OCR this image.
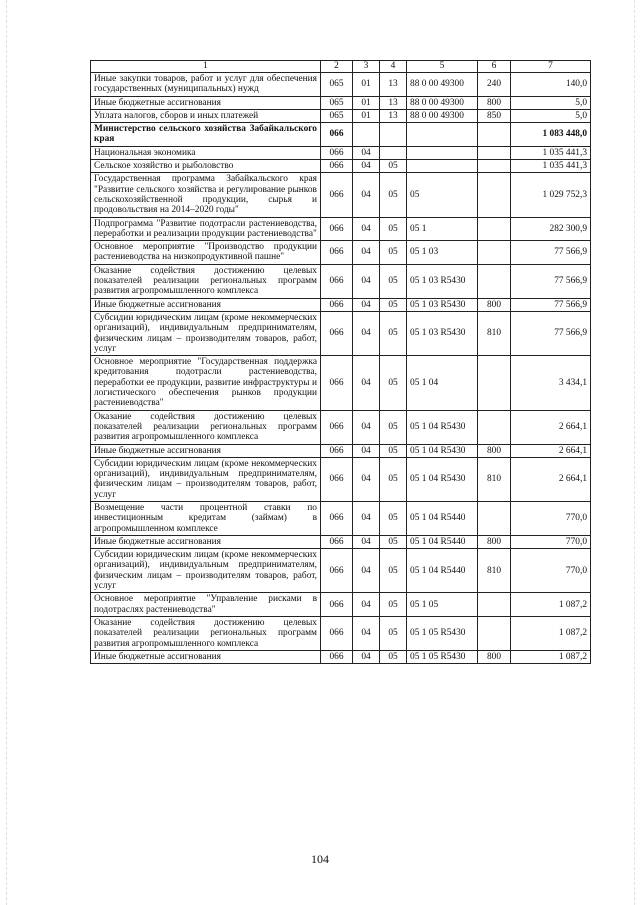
1	2	3	4	5	6	7
Иные закупки товаров, работ и услуг для обеспечения государственных (муниципальных) нужд	065	01	13	88 0 00 49300	240	140,0
Иные бюджетные ассигнования	065	01	13	88 0 00 49300	800	5,0
Уплата налогов, сборов и иных платежей	065	01	13	88 0 00 49300	850	5,0
Министерство сельского хозяйства Забайкальского края	066					1 083 448,0
Национальная экономика	066	04				1 035 441,3
Сельское хозяйство и рыболовство	066	04	05			1 035 441,3
Государственная программа Забайкальского края "Развитие сельского хозяйства и регулирование рынков сельскохозяйственной продукции, сырья и продовольствия на 2014–2020 годы"	066	04	05	05		1 029 752,3
Подпрограмма "Развитие подотрасли растениеводства, переработки и реализации продукции растениеводства"	066	04	05	05 1		282 300,9
Основное мероприятие "Производство продукции растениеводства на низкопродуктивной пашне"	066	04	05	05 1 03		77 566,9
Оказание содействия достижению целевых показателей реализации региональных программ развития агропромышленного комплекса	066	04	05	05 1 03 R5430		77 566,9
Иные бюджетные ассигнования	066	04	05	05 1 03 R5430	800	77 566,9
Субсидии юридическим лицам (кроме некоммерческих организаций), индивидуальным предпринимателям, физическим лицам – производителям товаров, работ, услуг	066	04	05	05 1 03 R5430	810	77 566,9
Основное мероприятие "Государственная поддержка кредитования подотрасли растениеводства, переработки ее продукции, развитие инфраструктуры и логистического обеспечения рынков продукции растениеводства"	066	04	05	05 1 04		3 434,1
Оказание содействия достижению целевых показателей реализации региональных программ развития агропромышленного комплекса	066	04	05	05 1 04 R5430		2 664,1
Иные бюджетные ассигнования	066	04	05	05 1 04 R5430	800	2 664,1
Субсидии юридическим лицам (кроме некоммерческих организаций), индивидуальным предпринимателям, физическим лицам – производителям товаров, работ, услуг	066	04	05	05 1 04 R5430	810	2 664,1
Возмещение части процентной ставки по инвестиционным кредитам (займам) в агропромышленном комплексе	066	04	05	05 1 04 R5440		770,0
Иные бюджетные ассигнования	066	04	05	05 1 04 R5440	800	770,0
Субсидии юридическим лицам (кроме некоммерческих организаций), индивидуальным предпринимателям, физическим лицам – производителям товаров, работ, услуг	066	04	05	05 1 04 R5440	810	770,0
Основное мероприятие "Управление рисками в подотраслях растениеводства"	066	04	05	05 1 05		1 087,2
Оказание содействия достижению целевых показателей реализации региональных программ развития агропромышленного комплекса	066	04	05	05 1 05 R5430		1 087,2
Иные бюджетные ассигнования	066	04	05	05 1 05 R5430	800	1 087,2
104
